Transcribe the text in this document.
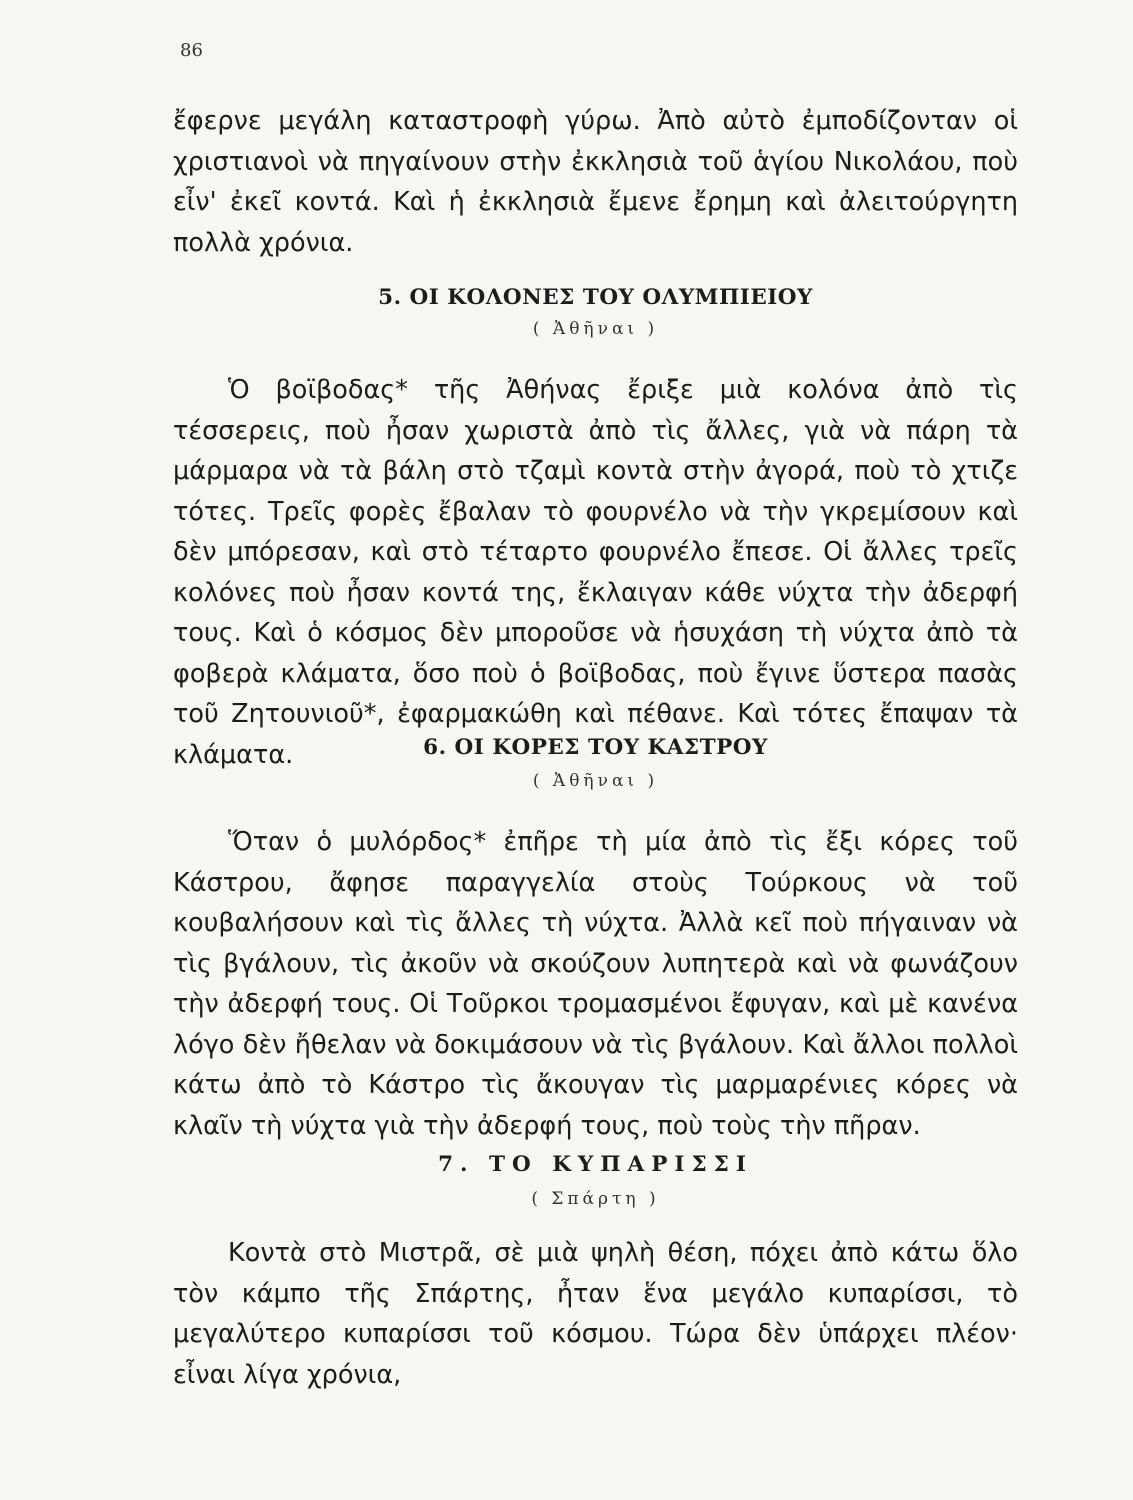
86

ἔφερνε μεγάλη καταστροφὴ γύρω. Ἀπὸ αὐτὸ ἐμποδίζονταν οἱ χριστιανοὶ νὰ πηγαίνουν στὴν ἐκκλησιὰ τοῦ ἁγίου Νικολάου, ποὺ εἶν' ἐκεῖ κοντά. Καὶ ἡ ἐκκλησιὰ ἔμενε ἔρημη καὶ ἀλειτούργητη πολλὰ χρόνια.

5. ΟΙ ΚΟΛΟΝΕΣ ΤΟΥ ΟΛΥΜΠΙΕΙΟΥ
( Ἀθῆναι )

Ὁ βοϊβοδας* τῆς Ἀθήνας ἔριξε μιὰ κολόνα ἀπὸ τὶς τέσσερεις, ποὺ ἦσαν χωριστὰ ἀπὸ τὶς ἄλλες, γιὰ νὰ πάρη τὰ μάρμαρα νὰ τὰ βάλη στὸ τζαμὶ κοντὰ στὴν ἀγορά, ποὺ τὸ χτιζε τότες. Τρεῖς φορὲς ἔβαλαν τὸ φουρνέλο νὰ τὴν γκρεμίσουν καὶ δὲν μπόρεσαν, καὶ στὸ τέταρτο φουρνέλο ἔπεσε. Οἱ ἄλλες τρεῖς κολόνες ποὺ ἦσαν κοντά της, ἔκλαιγαν κάθε νύχτα τὴν ἀδερφή τους. Καὶ ὁ κόσμος δὲν μποροῦσε νὰ ἡσυχάση τὴ νύχτα ἀπὸ τὰ φοβερὰ κλάματα, ὅσο ποὺ ὁ βοϊβοδας, ποὺ ἔγινε ὕστερα πασὰς τοῦ Ζητουνιοῦ*, ἐφαρμακώθη καὶ πέθανε. Καὶ τότες ἔπαψαν τὰ κλάματα.	6. ΟΙ ΚΟΡΕΣ ΤΟΥ ΚΑΣΤΡΟΥ
( Ἀθῆναι )

Ὅταν ὁ μυλόρδος* ἐπῆρε τὴ μία ἀπὸ τὶς ἔξι κόρες τοῦ Κάστρου, ἄφησε παραγγελία στοὺς Τούρκους νὰ τοῦ κουβαλήσουν καὶ τὶς ἄλλες τὴ νύχτα. Ἀλλὰ κεῖ ποὺ πήγαιναν νὰ τὶς βγάλουν, τὶς ἀκοῦν νὰ σκούζουν λυπητερὰ καὶ νὰ φωνάζουν τὴν ἀδερφή τους. Οἱ Τοῦρκοι τρομασμένοι ἔφυγαν, καὶ μὲ κανένα λόγο δὲν ἤθελαν νὰ δοκιμάσουν νὰ τὶς βγάλουν. Καὶ ἄλλοι πολλοὶ κάτω ἀπὸ τὸ Κάστρο τὶς ἄκουγαν τὶς μαρμαρένιες κόρες νὰ κλαῖν τὴ νύχτα γιὰ τὴν ἀδερφή τους, ποὺ τοὺς τὴν πῆραν.

7. ΤΟ ΚΥΠΑΡΙΣΣΙ
( Σπάρτη )

Κοντὰ στὸ Μιστρᾶ, σὲ μιὰ ψηλὴ θέση, πόχει ἀπὸ κάτω ὅλο τὸν κάμπο τῆς Σπάρτης, ἦταν ἕνα μεγάλο κυπαρίσσι, τὸ μεγαλύτερο κυπαρίσσι τοῦ κόσμου. Τώρα δὲν ὑπάρχει πλέον· εἶναι λίγα χρόνια,
